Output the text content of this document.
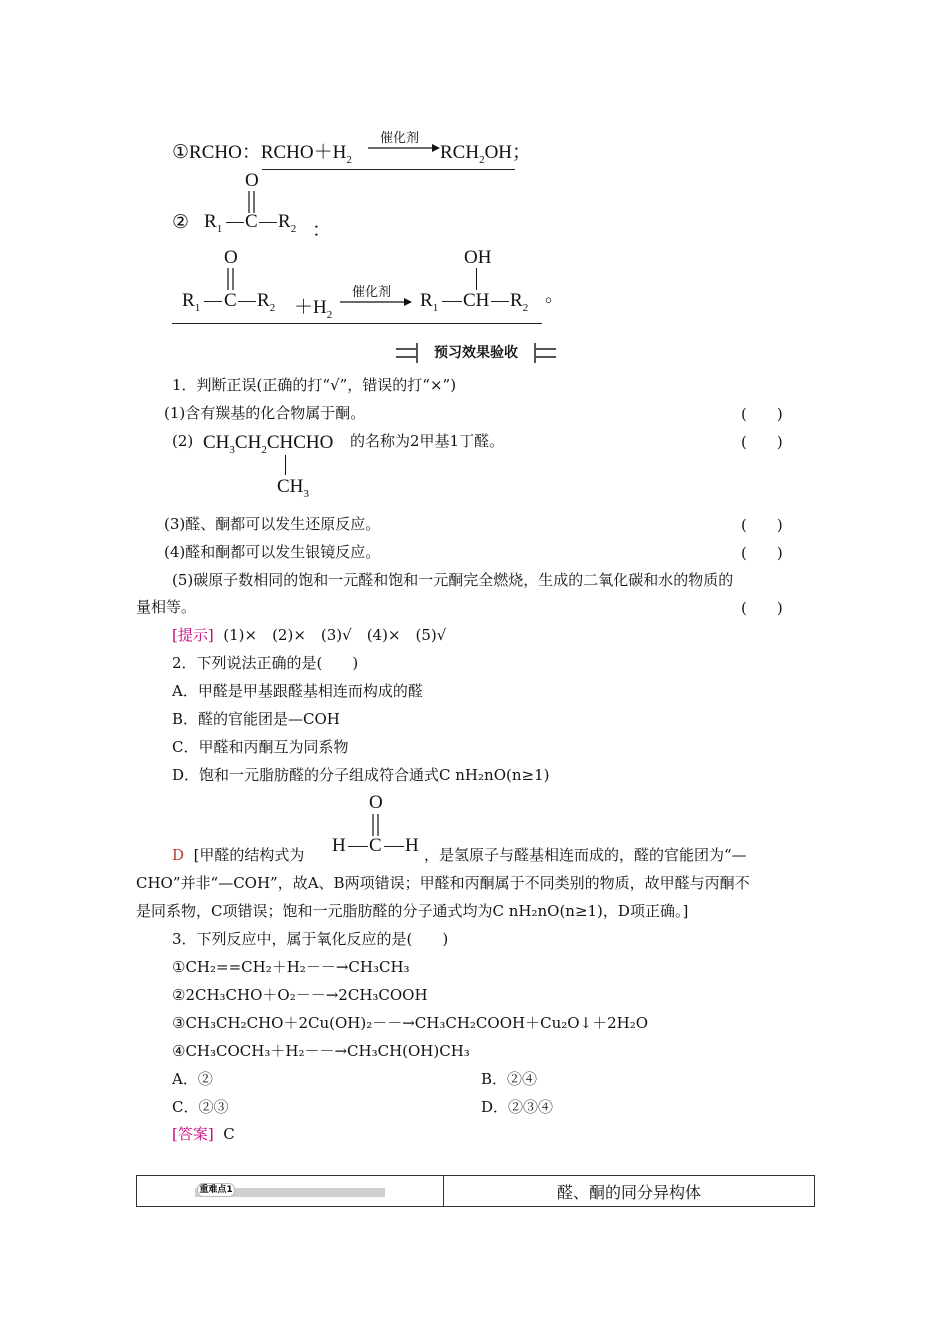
①RCHO：$RCHO+H_2$
催化剂
$RCH_2OH$；
②
O
$R_1$ C $R_2$ ：
O
$R_1$ C $R_2 +H_2$
催化剂
OH
$R_1$ CH $R_2$
。
预习效果验收
1．判断正误(正确的打“√”，错误的打“×”)
(1)含有羰基的化合物属于酮。	(　　)
(2) $CH_3CH_2CHCHO$ 的名称为2甲基1丁醛。	(　　)
$CH_3$
(3)醛、酮都可以发生还原反应。	(　　)
(4)醛和酮都可以发生银镜反应。	(　　)
(5)碳原子数相同的饱和一元醛和饱和一元酮完全燃烧，生成的二氧化碳和水的物质的
量相等。	(　　)
[提示] (1)×　(2)×　(3)√　(4)×　(5)√
2．下列说法正确的是(　　)
A．甲醛是甲基跟醛基相连而构成的醛
B．醛的官能团是—COH
C．甲醛和丙酮互为同系物
D．饱和一元脂肪醛的分子组成符合通式C nH₂nO(n≥1)
O
D [甲醛的结构式为 H C H ，是氢原子与醛基相连而成的，醛的官能团为“—
CHO”并非“—COH”，故A、B两项错误；甲醛和丙酮属于不同类别的物质，故甲醛与丙酮不
是同系物，C项错误；饱和一元脂肪醛的分子通式均为C nH₂nO(n≥1)，D项正确。]
3．下列反应中，属于氧化反应的是(　　)
①CH₂==CH₂＋H₂－－→CH₃CH₃
②2CH₃CHO＋O₂－－→2CH₃COOH
③CH₃CH₂CHO＋2Cu(OH)₂－－→CH₃CH₂COOH＋Cu₂O↓＋2H₂O
④CH₃COCH₃＋H₂－－→CH₃CH(OH)CH₃
A．②	B．②④
C．②③	D．②③④
[答案] C
重难点1	醛、酮的同分异构体
